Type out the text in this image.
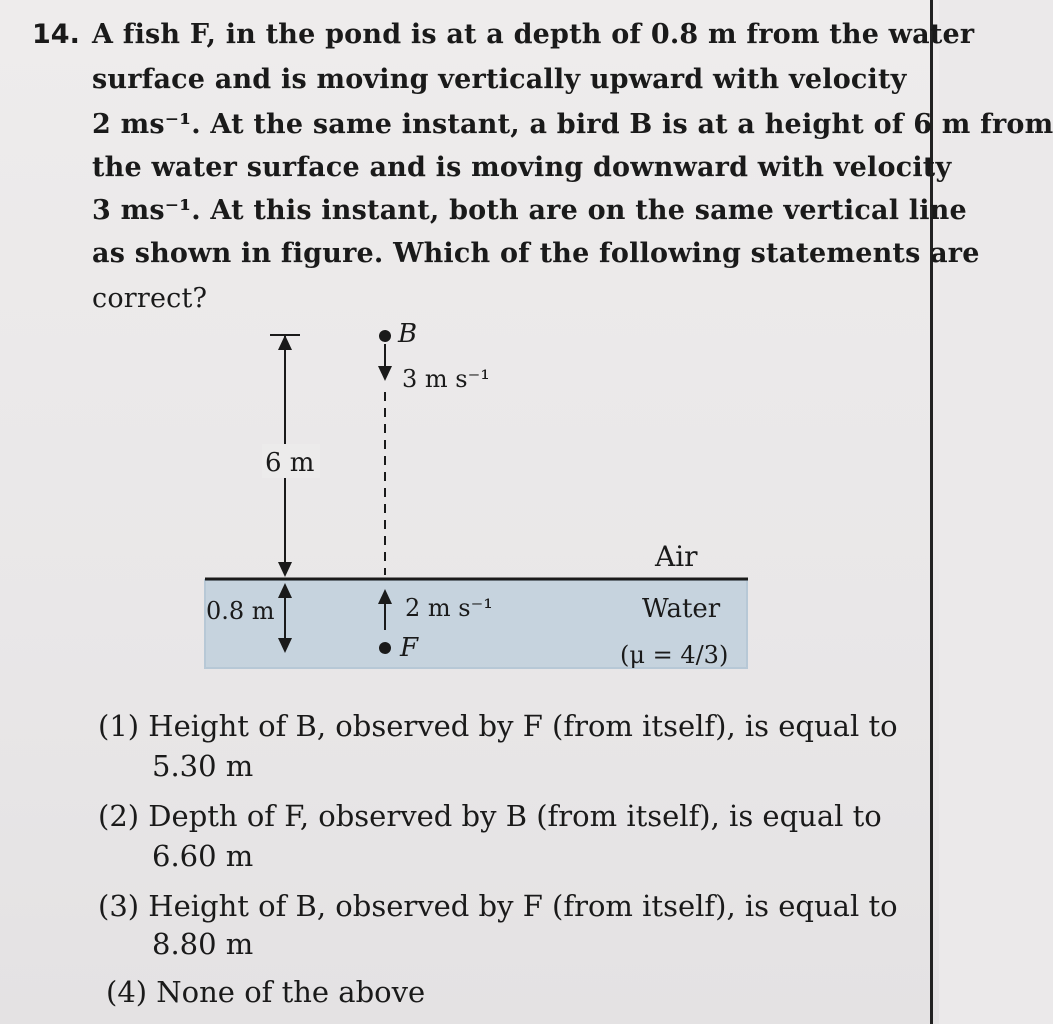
14. A fish F, in the pond is at a depth of 0.8 m from the water
surface and is moving vertically upward with velocity
2 ms⁻¹. At the same instant, a bird B is at a height of 6 m from
the water surface and is moving downward with velocity
3 ms⁻¹. At this instant, both are on the same vertical line
as shown in figure. Which of the following statements are
correct?
6 m
0.8 m
B
3 m s⁻¹
2 m s⁻¹
F
Air
Water
(μ = 4/3)
(1) Height of B, observed by F (from itself), is equal to
5.30 m
(2) Depth of F, observed by B (from itself), is equal to
6.60 m
(3) Height of B, observed by F (from itself), is equal to
8.80 m
(4) None of the above
